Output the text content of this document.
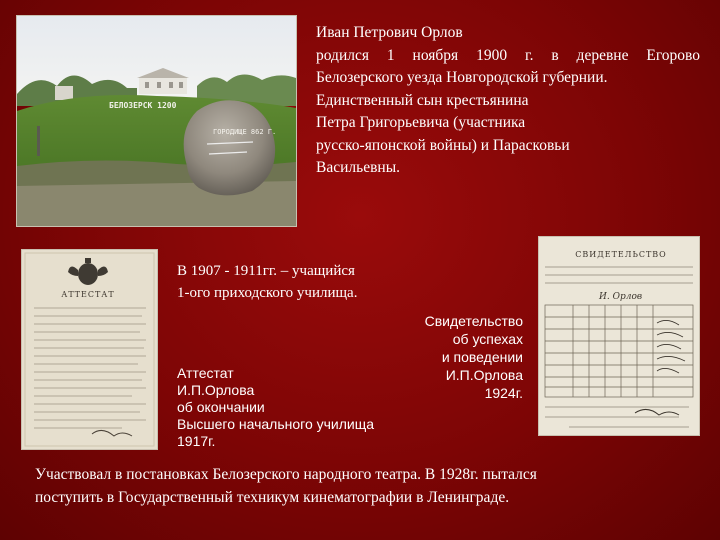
БЕЛОЗЕРСК 1200
ГОРОДИЩЕ 862 Г.
АТТЕСТАТ
СВИДЕТЕЛЬСТВО
И. Орлов
Иван Петрович Орлов
родился 1 ноября 1900 г. в деревне Егорово
Белозерского уезда Новгородской губернии.
Единственный сын крестьянина
Петра Григорьевича (участника
русско-японской войны) и Парасковьи
Васильевны.
В 1907 - 1911гг. – учащийся
1-ого приходского училища.
Свидетельство
об успехах
и поведении
И.П.Орлова
1924г.
Аттестат
И.П.Орлова
об окончании
Высшего начального училища
1917г.
Участвовал в постановках Белозерского народного театра. В 1928г. пытался
поступить в Государственный техникум кинематографии в Ленинграде.
